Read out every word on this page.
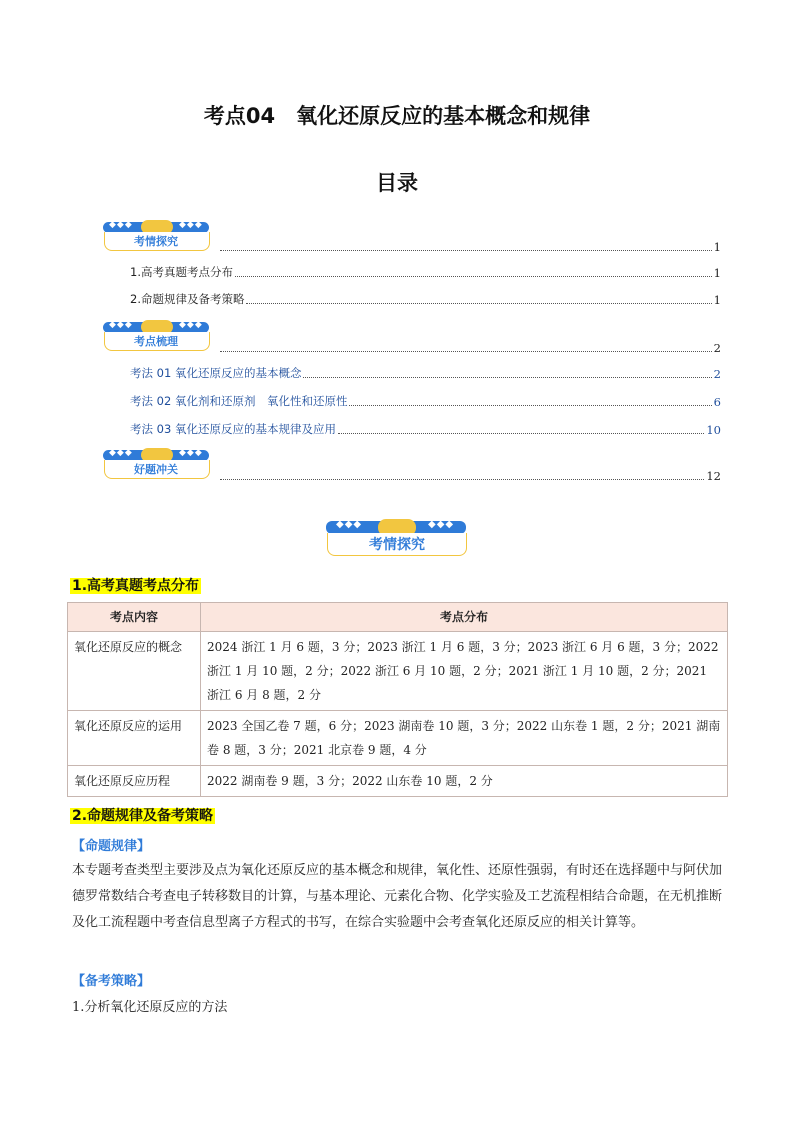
考点04　氧化还原反应的基本概念和规律
目录
◆◆◆	◆◆◆
考情探究	1
1.高考真题考点分布	1
2.命题规律及备考策略	1
◆◆◆	◆◆◆
考点梳理	2
考法 01 氧化还原反应的基本概念	2
考法 02 氧化剂和还原剂　氧化性和还原性	6
考法 03 氧化还原反应的基本规律及应用	10
◆◆◆	◆◆◆
好题冲关	12
◆◆◆	◆◆◆
考情探究
1.高考真题考点分布
考点内容	考点分布
氧化还原反应的概念	2024 浙江 1 月 6 题，3 分；2023 浙江 1 月 6 题，3 分；2023 浙江 6 月 6 题，3 分；2022 浙江 1 月 10 题，2 分；2022 浙江 6 月 10 题，2 分；2021 浙江 1 月 10 题，2 分；2021 浙江 6 月 8 题，2 分
氧化还原反应的运用	2023 全国乙卷 7 题，6 分；2023 湖南卷 10 题，3 分；2022 山东卷 1 题，2 分；2021 湖南卷 8 题，3 分；2021 北京卷 9 题，4 分
氧化还原反应历程	2022 湖南卷 9 题，3 分；2022 山东卷 10 题，2 分
2.命题规律及备考策略
【命题规律】
本专题考查类型主要涉及点为氧化还原反应的基本概念和规律，氧化性、还原性强弱，有时还在选择题中与阿伏加德罗常数结合考查电子转移数目的计算，与基本理论、元素化合物、化学实验及工艺流程相结合命题，在无机推断及化工流程题中考查信息型离子方程式的书写，在综合实验题中会考查氧化还原反应的相关计算等。
【备考策略】
1.分析氧化还原反应的方法
